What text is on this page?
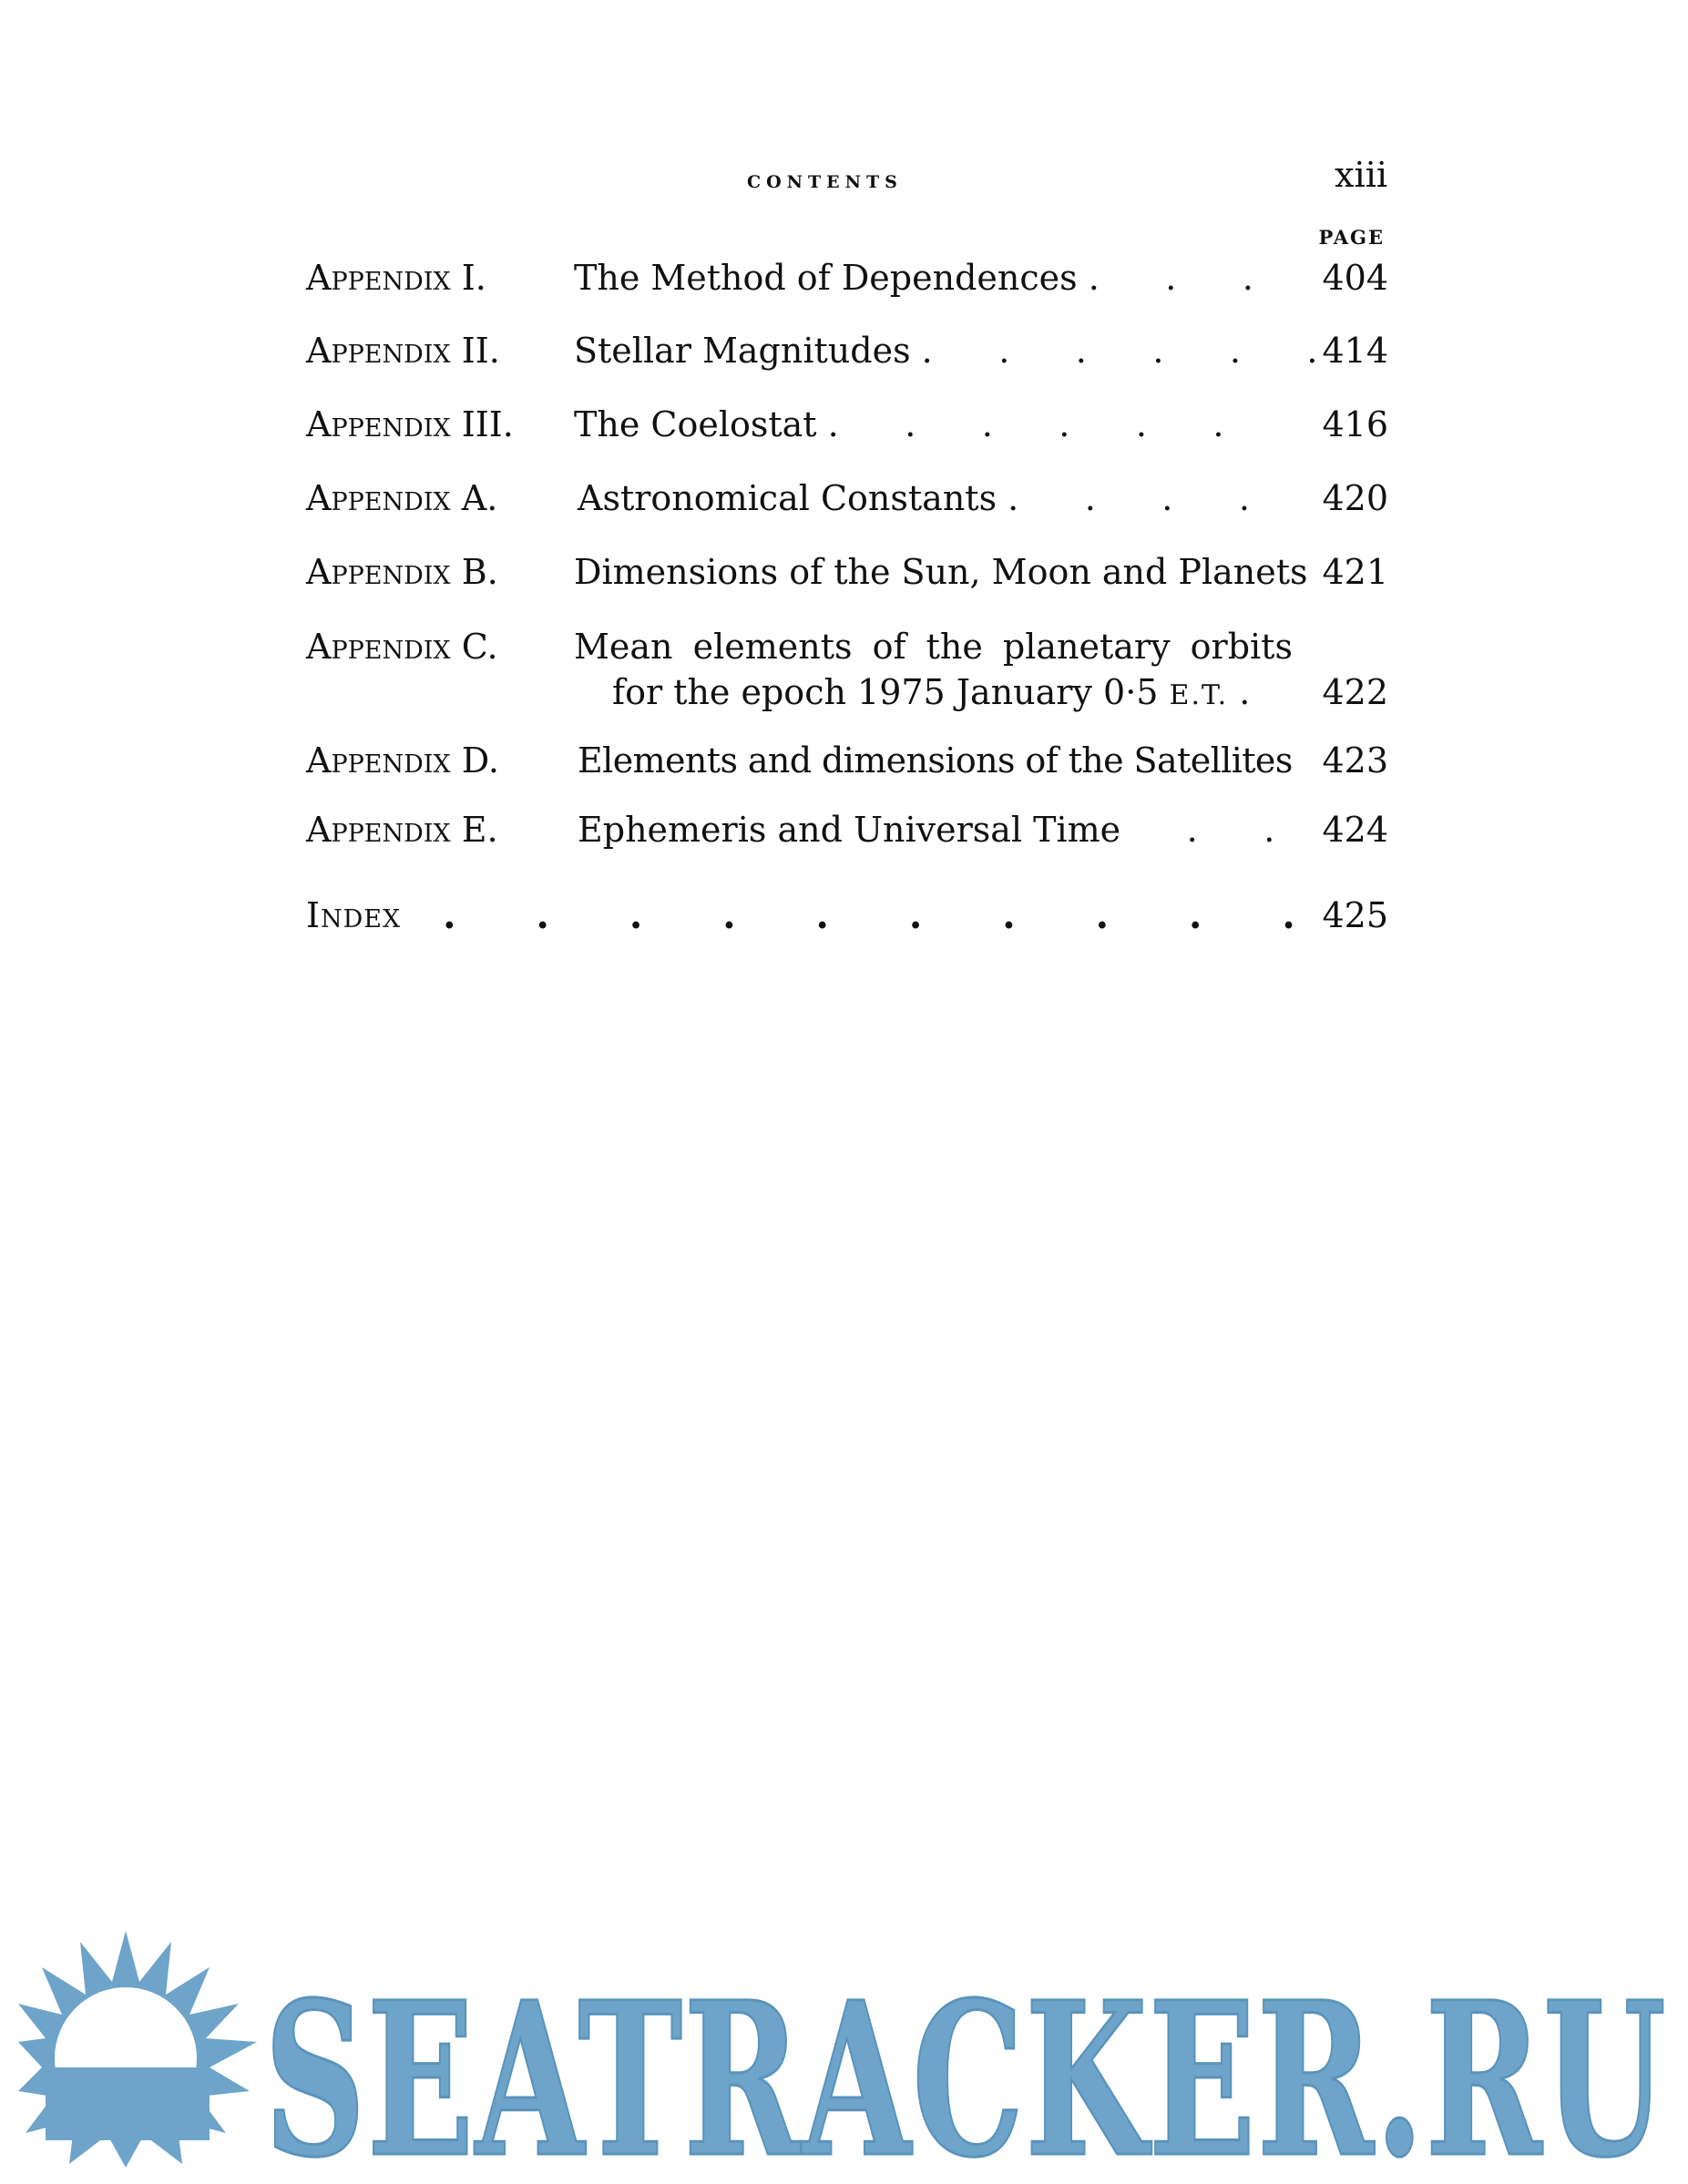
contents	xiii
PAGE
Appendix I.	The Method of Dependences .      .      .	404
Appendix II. Stellar Magnitudes .      .      .      .      .      . 414
Appendix III. The Coelostat .      .      .      .      .      .	416
Appendix A. Astronomical Constants .      .      .      .	420
Appendix B. Dimensions of the Sun, Moon and Planets 421
Appendix C. Mean elements of the planetary orbits
for the epoch 1975 January 0·5 E.T. . 422
Appendix D. Elements and dimensions of the Satellites 423
Appendix E. Ephemeris and Universal Time      .      .	424
Index .      .      .      .      .      .      .      .      .      . 425
SEATRACKER.RU
